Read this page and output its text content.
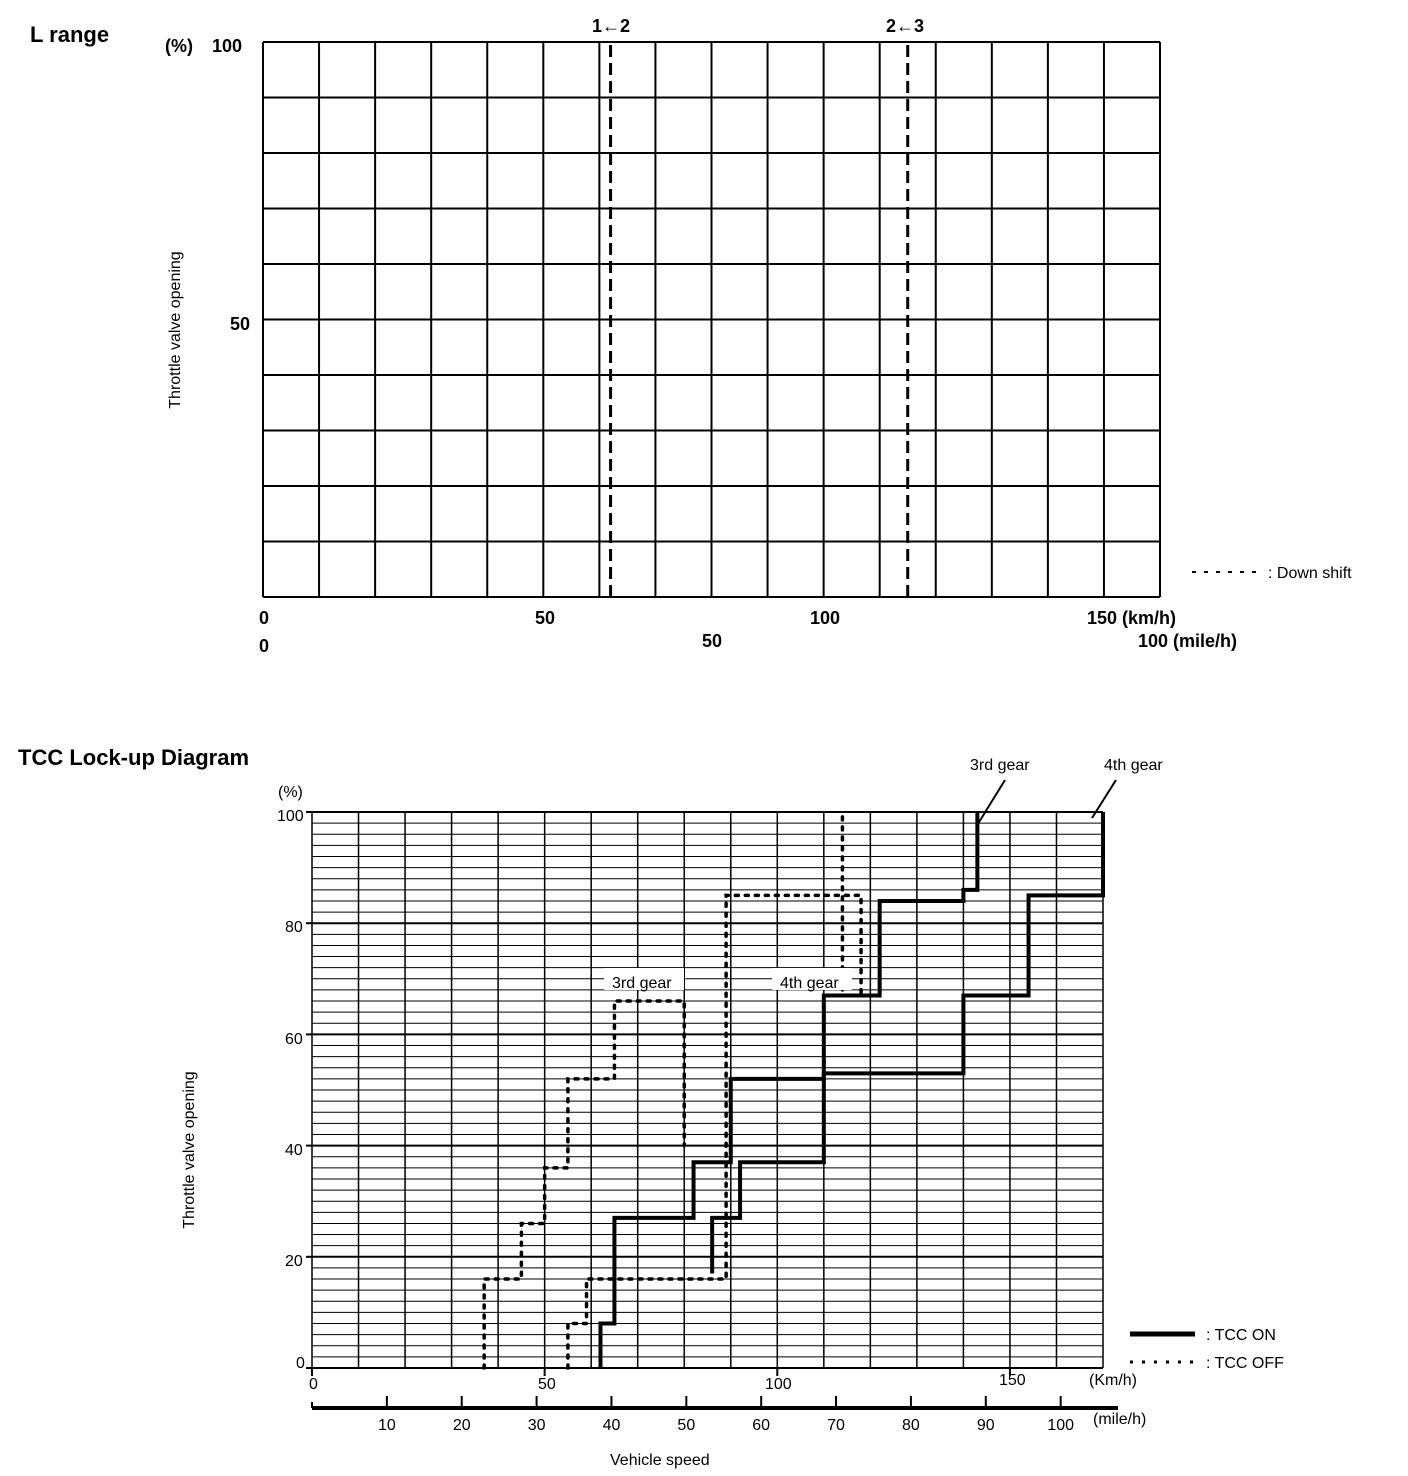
L range	(%) 100
50
Throttle valve opening
1←2	2←3
0	50	100	150 (km/h)
0	50	100 (mile/h)
: Down shift
TCC Lock-up Diagram
(%)
100
80
60
40
20
0
Throttle valve opening
3rd gear	4th gear
3rd gear	4th gear
0	50	100	150	(Km/h)
10	20	30	40	50	60	70	80	90	100 (mile/h)
Vehicle speed
: TCC ON
: TCC OFF
